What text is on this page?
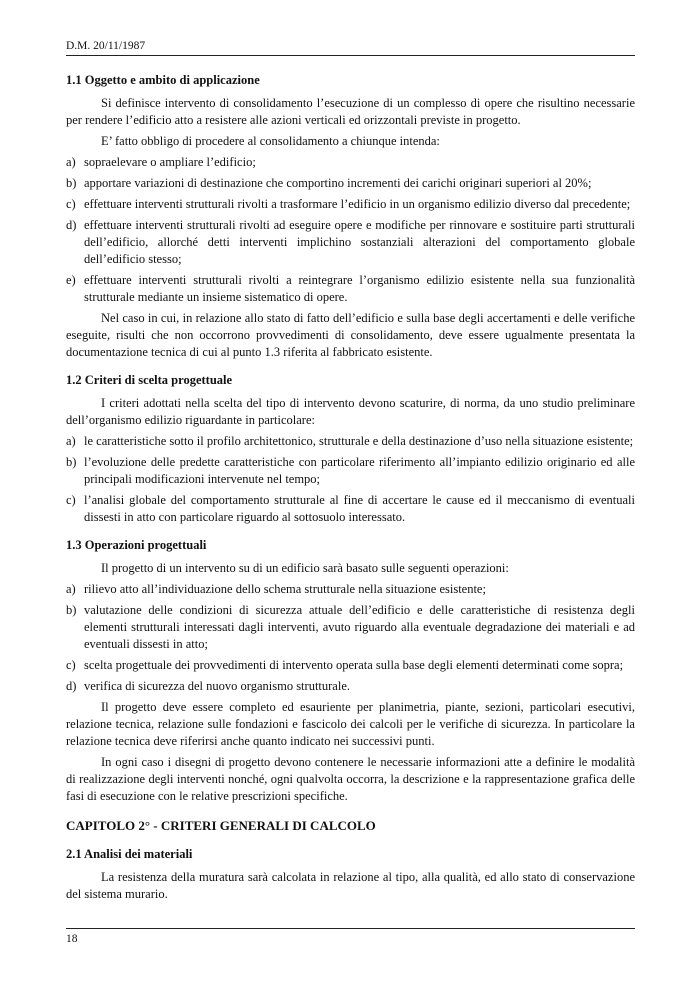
D.M. 20/11/1987
1.1 Oggetto e ambito di applicazione

Si definisce intervento di consolidamento l’esecuzione di un complesso di opere che risultino necessarie per rendere l’edificio atto a resistere alle azioni verticali ed orizzontali previste in progetto.

E’ fatto obbligo di procedere al consolidamento a chiunque intenda:

a) sopraelevare o ampliare l’edificio;
b) apportare variazioni di destinazione che comportino incrementi dei carichi originari superiori al 20%;
c) effettuare interventi strutturali rivolti a trasformare l’edificio in un organismo edilizio diverso dal precedente;
d) effettuare interventi strutturali rivolti ad eseguire opere e modifiche per rinnovare e sostituire parti strutturali dell’edificio, allorché detti interventi implichino sostanziali alterazioni del comportamento globale dell’edificio stesso;
e) effettuare interventi strutturali rivolti a reintegrare l’organismo edilizio esistente nella sua funzionalità strutturale mediante un insieme sistematico di opere.

Nel caso in cui, in relazione allo stato di fatto dell’edificio e sulla base degli accertamenti e delle verifiche eseguite, risulti che non occorrono provvedimenti di consolidamento, deve essere ugualmente presentata la documentazione tecnica di cui al punto 1.3 riferita al fabbricato esistente.

1.2 Criteri di scelta progettuale

I criteri adottati nella scelta del tipo di intervento devono scaturire, di norma, da uno studio preliminare dell’organismo edilizio riguardante in particolare:

a) le caratteristiche sotto il profilo architettonico, strutturale e della destinazione d’uso nella situazione esistente;
b) l’evoluzione delle predette caratteristiche con particolare riferimento all’impianto edilizio originario ed alle principali modificazioni intervenute nel tempo;
c) l’analisi globale del comportamento strutturale al fine di accertare le cause ed il meccanismo di eventuali dissesti in atto con particolare riguardo al sottosuolo interessato.
1.3 Operazioni progettuali

Il progetto di un intervento su di un edificio sarà basato sulle seguenti operazioni:

a) rilievo atto all’individuazione dello schema strutturale nella situazione esistente;
b) valutazione delle condizioni di sicurezza attuale dell’edificio e delle caratteristiche di resistenza degli elementi strutturali interessati dagli interventi, avuto riguardo alla eventuale degradazione dei materiali e ad eventuali dissesti in atto;
c) scelta progettuale dei provvedimenti di intervento operata sulla base degli elementi determinati come sopra;
d) verifica di sicurezza del nuovo organismo strutturale.

Il progetto deve essere completo ed esauriente per planimetria, piante, sezioni, particolari esecutivi, relazione tecnica, relazione sulle fondazioni e fascicolo dei calcoli per le verifiche di sicurezza. In particolare la relazione tecnica deve riferirsi anche quanto indicato nei successivi punti.

In ogni caso i disegni di progetto devono contenere le necessarie informazioni atte a definire le modalità di realizzazione degli interventi nonché, ogni qualvolta occorra, la descrizione e la rappresentazione grafica delle fasi di esecuzione con le relative prescrizioni specifiche.

CAPITOLO 2° - CRITERI GENERALI DI CALCOLO
2.1 Analisi dei materiali

La resistenza della muratura sarà calcolata in relazione al tipo, alla qualità, ed allo stato di conservazione del sistema murario.

18
